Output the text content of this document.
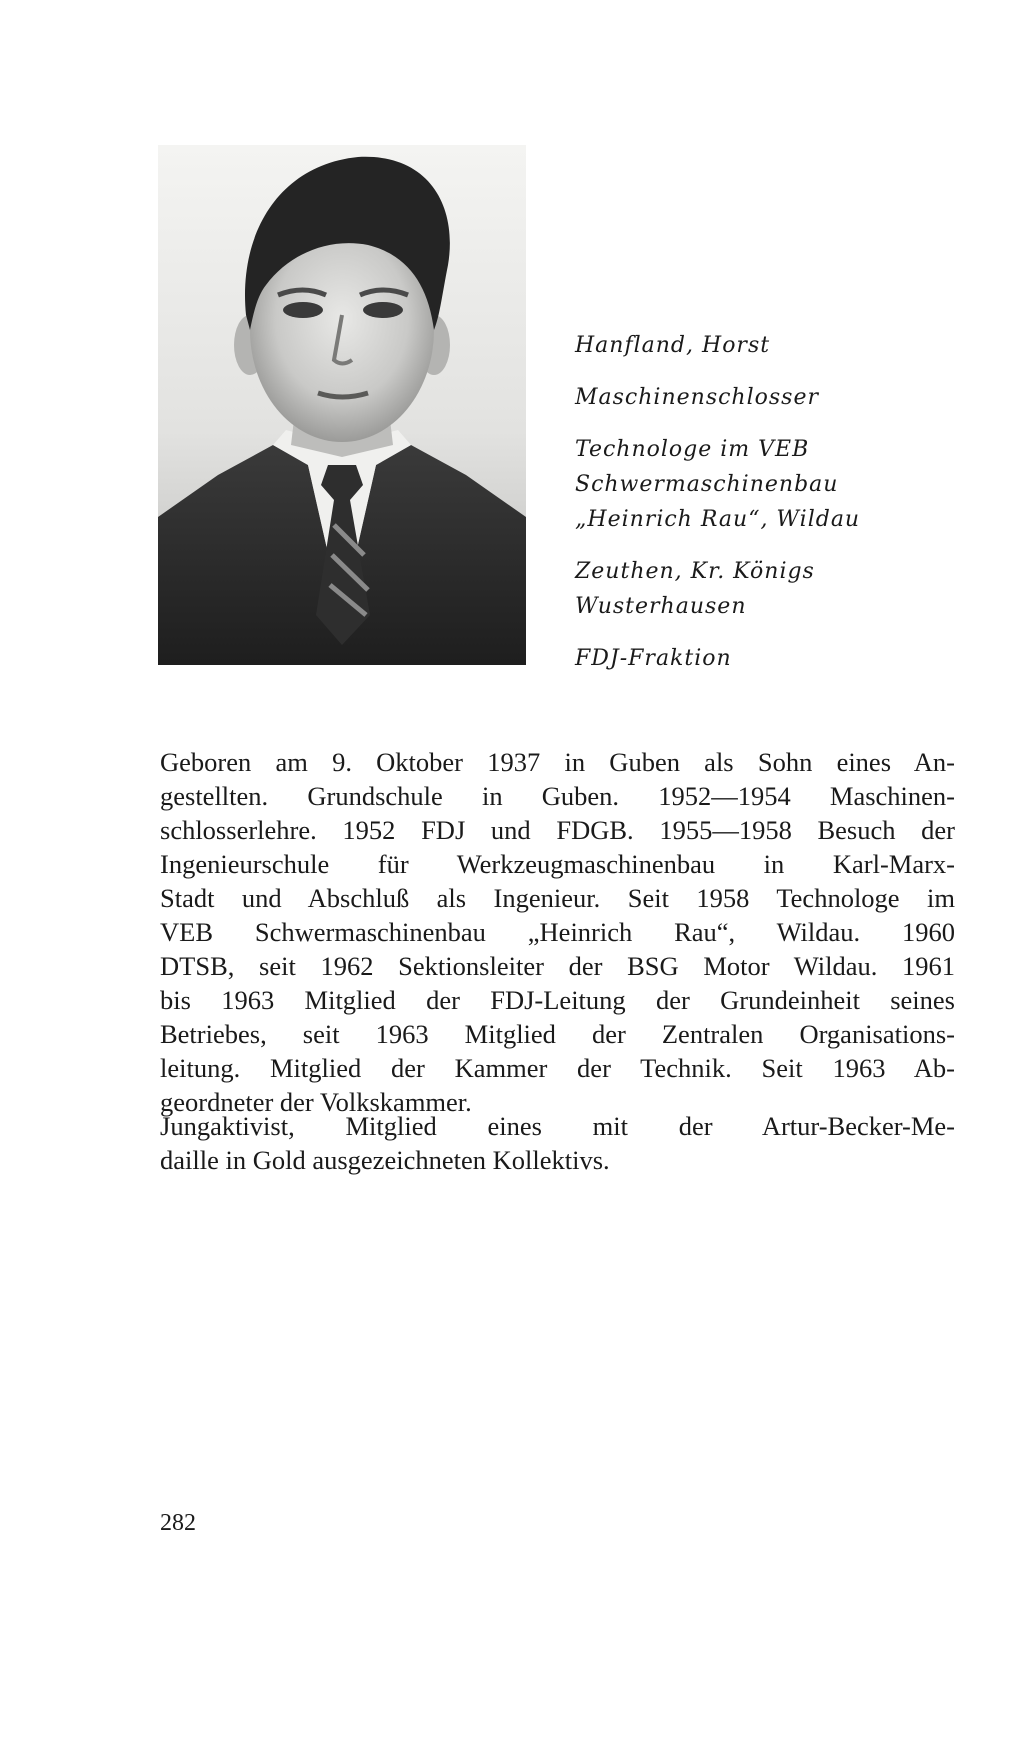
Hanfland, Horst
Maschinenschlosser
Technologe im VEB
Schwermaschinenbau
„Heinrich Rau“, Wildau
Zeuthen, Kr. Königs
Wusterhausen
FDJ-Fraktion
Geboren am 9. Oktober 1937 in Guben als Sohn eines An-
gestellten. Grundschule in Guben. 1952—1954 Maschinen-
schlosserlehre. 1952 FDJ und FDGB. 1955—1958 Besuch der
Ingenieurschule für Werkzeugmaschinenbau in Karl-Marx-
Stadt und Abschluß als Ingenieur. Seit 1958 Technologe im
VEB Schwermaschinenbau „Heinrich Rau“, Wildau. 1960
DTSB, seit 1962 Sektionsleiter der BSG Motor Wildau. 1961
bis 1963 Mitglied der FDJ-Leitung der Grundeinheit seines
Betriebes, seit 1963 Mitglied der Zentralen Organisations-
leitung. Mitglied der Kammer der Technik. Seit 1963 Ab-
geordneter der Volkskammer.
Jungaktivist, Mitglied eines mit der Artur-Becker-Me-
daille in Gold ausgezeichneten Kollektivs.
282
